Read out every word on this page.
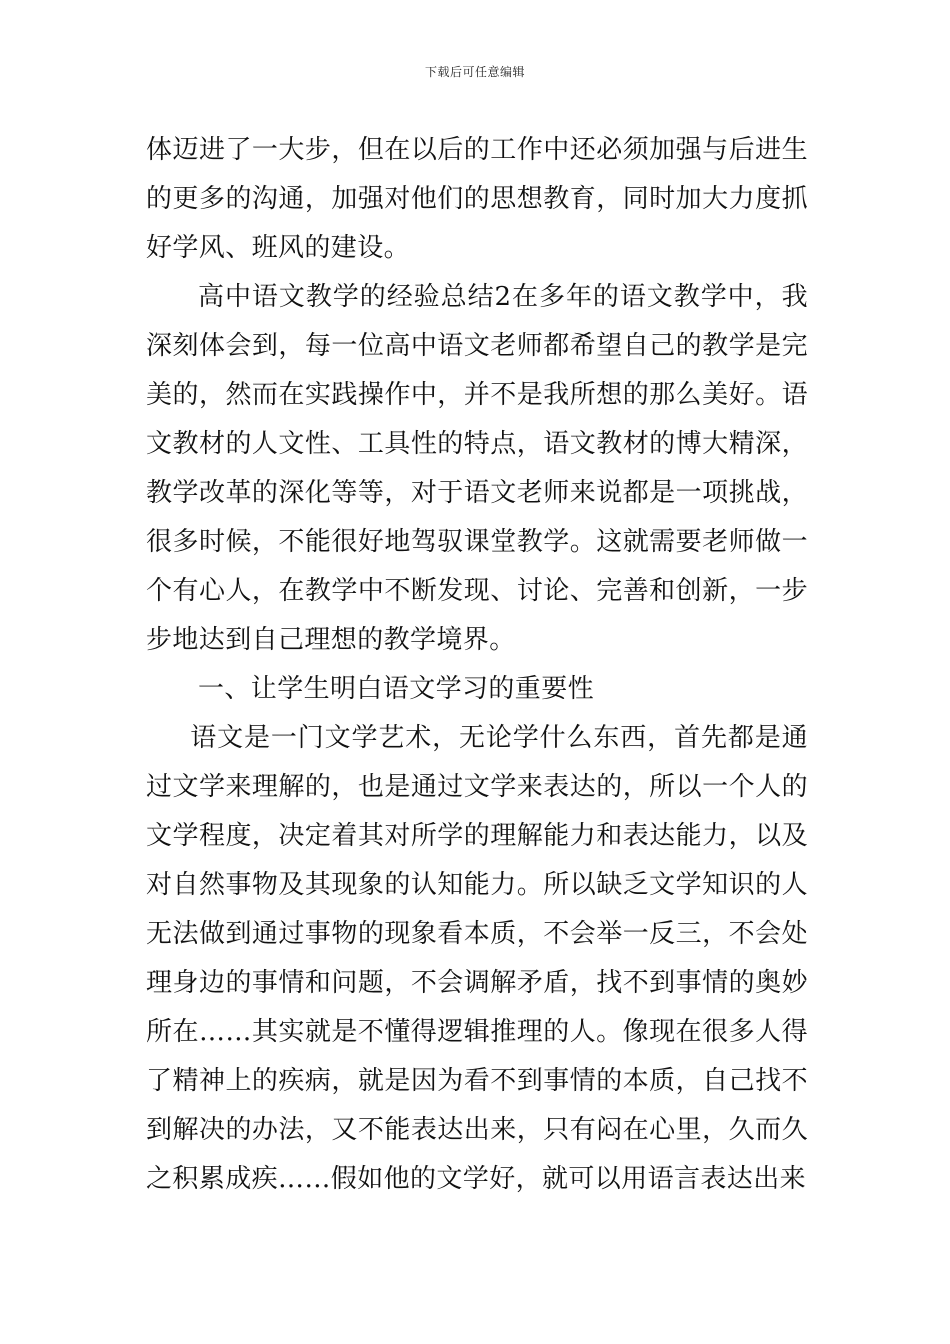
下载后可任意编辑

体迈进了一大步，但在以后的工作中还必须加强与后进生的更多的沟通，加强对他们的思想教育，同时加大力度抓好学风、班风的建设。

高中语文教学的经验总结2在多年的语文教学中，我深刻体会到，每一位高中语文老师都希望自己的教学是完美的，然而在实践操作中，并不是我所想的那么美好。语文教材的人文性、工具性的特点，语文教材的博大精深，教学改革的深化等等，对于语文老师来说都是一项挑战，很多时候，不能很好地驾驭课堂教学。这就需要老师做一个有心人，在教学中不断发现、讨论、完善和创新，一步步地达到自己理想的教学境界。

一、让学生明白语文学习的重要性

语文是一门文学艺术，无论学什么东西，首先都是通过文学来理解的，也是通过文学来表达的，所以一个人的文学程度，决定着其对所学的理解能力和表达能力，以及对自然事物及其现象的认知能力。所以缺乏文学知识的人无法做到通过事物的现象看本质，不会举一反三，不会处理身边的事情和问题，不会调解矛盾，找不到事情的奥妙所在……其实就是不懂得逻辑推理的人。像现在很多人得了精神上的疾病，就是因为看不到事情的本质，自己找不到解决的办法，又不能表达出来，只有闷在心里，久而久之积累成疾……假如他的文学好，就可以用语言表达出来
